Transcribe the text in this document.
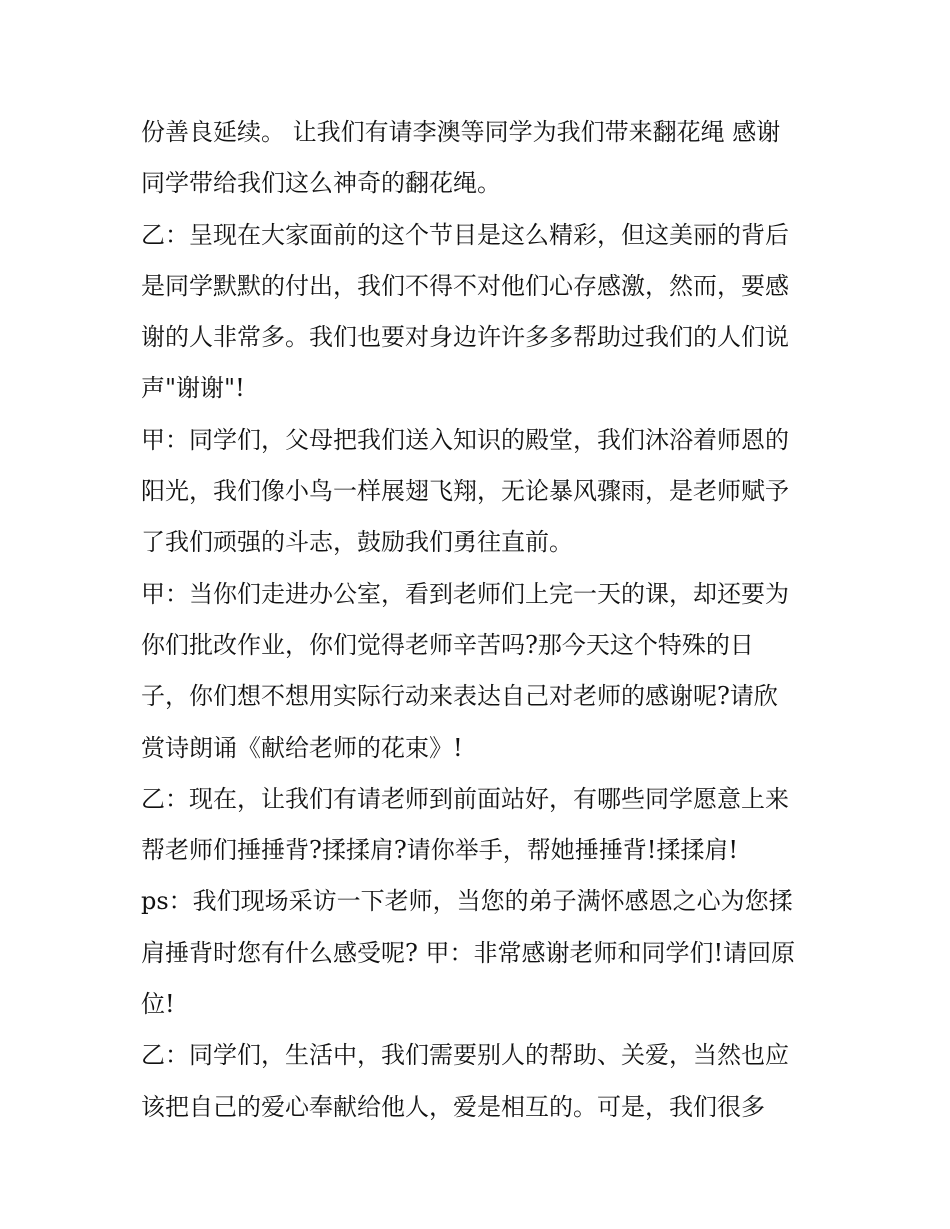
份善良延续。 让我们有请李澳等同学为我们带来翻花绳 感谢
同学带给我们这么神奇的翻花绳。
乙：呈现在大家面前的这个节目是这么精彩，但这美丽的背后
是同学默默的付出，我们不得不对他们心存感激，然而，要感
谢的人非常多。我们也要对身边许许多多帮助过我们的人们说
声"谢谢"!
甲：同学们，父母把我们送入知识的殿堂，我们沐浴着师恩的
阳光，我们像小鸟一样展翅飞翔，无论暴风骤雨，是老师赋予
了我们顽强的斗志，鼓励我们勇往直前。
甲：当你们走进办公室，看到老师们上完一天的课，却还要为
你们批改作业，你们觉得老师辛苦吗?那今天这个特殊的日
子，你们想不想用实际行动来表达自己对老师的感谢呢?请欣
赏诗朗诵《献给老师的花束》!
乙：现在，让我们有请老师到前面站好，有哪些同学愿意上来
帮老师们捶捶背?揉揉肩?请你举手，帮她捶捶背!揉揉肩!
ps：我们现场采访一下老师，当您的弟子满怀感恩之心为您揉
肩捶背时您有什么感受呢? 甲：非常感谢老师和同学们!请回原
位!
乙：同学们，生活中，我们需要别人的帮助、关爱，当然也应
该把自己的爱心奉献给他人，爱是相互的。可是，我们很多
